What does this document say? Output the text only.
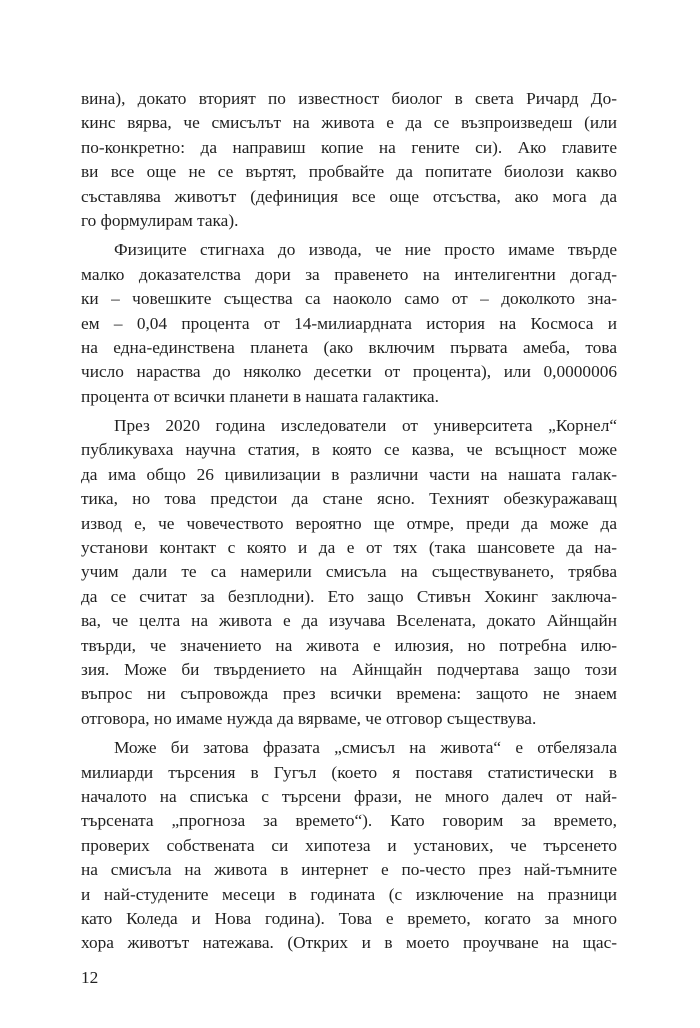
вина), докато вторият по известност биолог в света Ричард До-
кинс вярва, че смисълът на живота е да се възпроизведеш (или
по-конкретно: да направиш копие на гените си). Ако главите
ви все още не се въртят, пробвайте да попитате биолози какво
съставлява животът (дефиниция все още отсъства, ако мога да
го формулирам така).
Физиците стигнаха до извода, че ние просто имаме твърде
малко доказателства дори за правенето на интелигентни догад-
ки – човешките същества са наоколо само от – доколкото зна-
ем – 0,04 процента от 14-милиардната история на Космоса и
на една-единствена планета (ако включим първата амеба, това
число нараства до няколко десетки от процента), или 0,0000006
процента от всички планети в нашата галактика.
През 2020 година изследователи от университета „Корнел“
публикуваха научна статия, в която се казва, че всъщност може
да има общо 26 цивилизации в различни части на нашата галак-
тика, но това предстои да стане ясно. Техният обезкуражаващ
извод е, че човечеството вероятно ще отмре, преди да може да
установи контакт с която и да е от тях (така шансовете да на-
учим дали те са намерили смисъла на съществуването, трябва
да се считат за безплодни). Ето защо Стивън Хокинг заключа-
ва, че целта на живота е да изучава Вселената, докато Айнщайн
твърди, че значението на живота е илюзия, но потребна илю-
зия. Може би твърдението на Айнщайн подчертава защо този
въпрос ни съпровожда през всички времена: защото не знаем
отговора, но имаме нужда да вярваме, че отговор съществува.
Може би затова фразата „смисъл на живота“ е отбелязала
милиарди търсения в Гугъл (което я поставя статистически в
началото на списъка с търсени фрази, не много далеч от най-
търсената „прогноза за времето“). Като говорим за времето,
проверих собствената си хипотеза и установих, че търсенето
на смисъла на живота в интернет е по-често през най-тъмните
и най-студените месеци в годината (с изключение на празници
като Коледа и Нова година). Това е времето, когато за много
хора животът натежава. (Открих и в моето проучване на щас-
12
